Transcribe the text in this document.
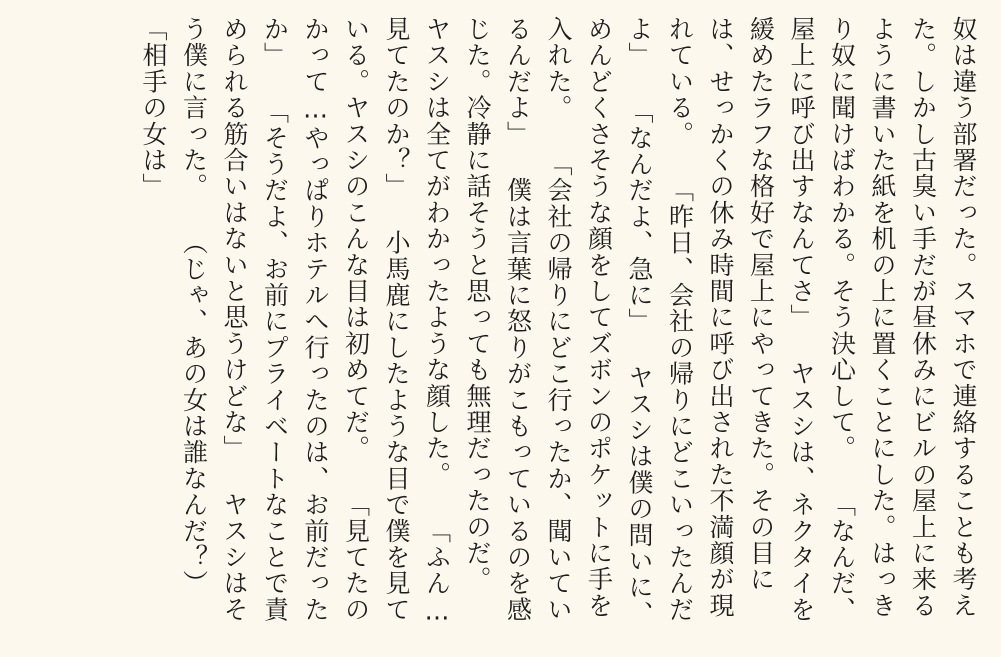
奴は違う部署だった。スマホで連絡することも考えた。しかし古臭い手だが昼休みにビルの屋上に来るように書いた紙を机の上に置くことにした。はっきり奴に聞けばわかる。そう決心して。 「なんだ、屋上に呼び出すなんてさ」 ヤスシは、ネクタイを緩めたラフな格好で屋上にやってきた。その目には、せっかくの休み時間に呼び出された不満顔が現れている。 「昨日、会社の帰りにどこいったんだよ」 「なんだよ、急に」 ヤスシは僕の問いに、めんどくさそうな顔をしてズボンのポケットに手を入れた。 「会社の帰りにどこ行ったか、聞いているんだよ」 僕は言葉に怒りがこもっているのを感じた。冷静に話そうと思っても無理だったのだ。 ヤスシは全てがわかったような顔した。 「ふん…見てたのか？」 小馬鹿にしたような目で僕を見ている。ヤスシのこんな目は初めてだ。 「見てたのかって…やっぱりホテルへ行ったのは、お前だったか」 「そうだよ、お前にプライベートなことで責められる筋合いはないと思うけどな」 ヤスシはそう僕に言った。 （じゃ、あの女は誰なんだ？） 「相手の女は」
